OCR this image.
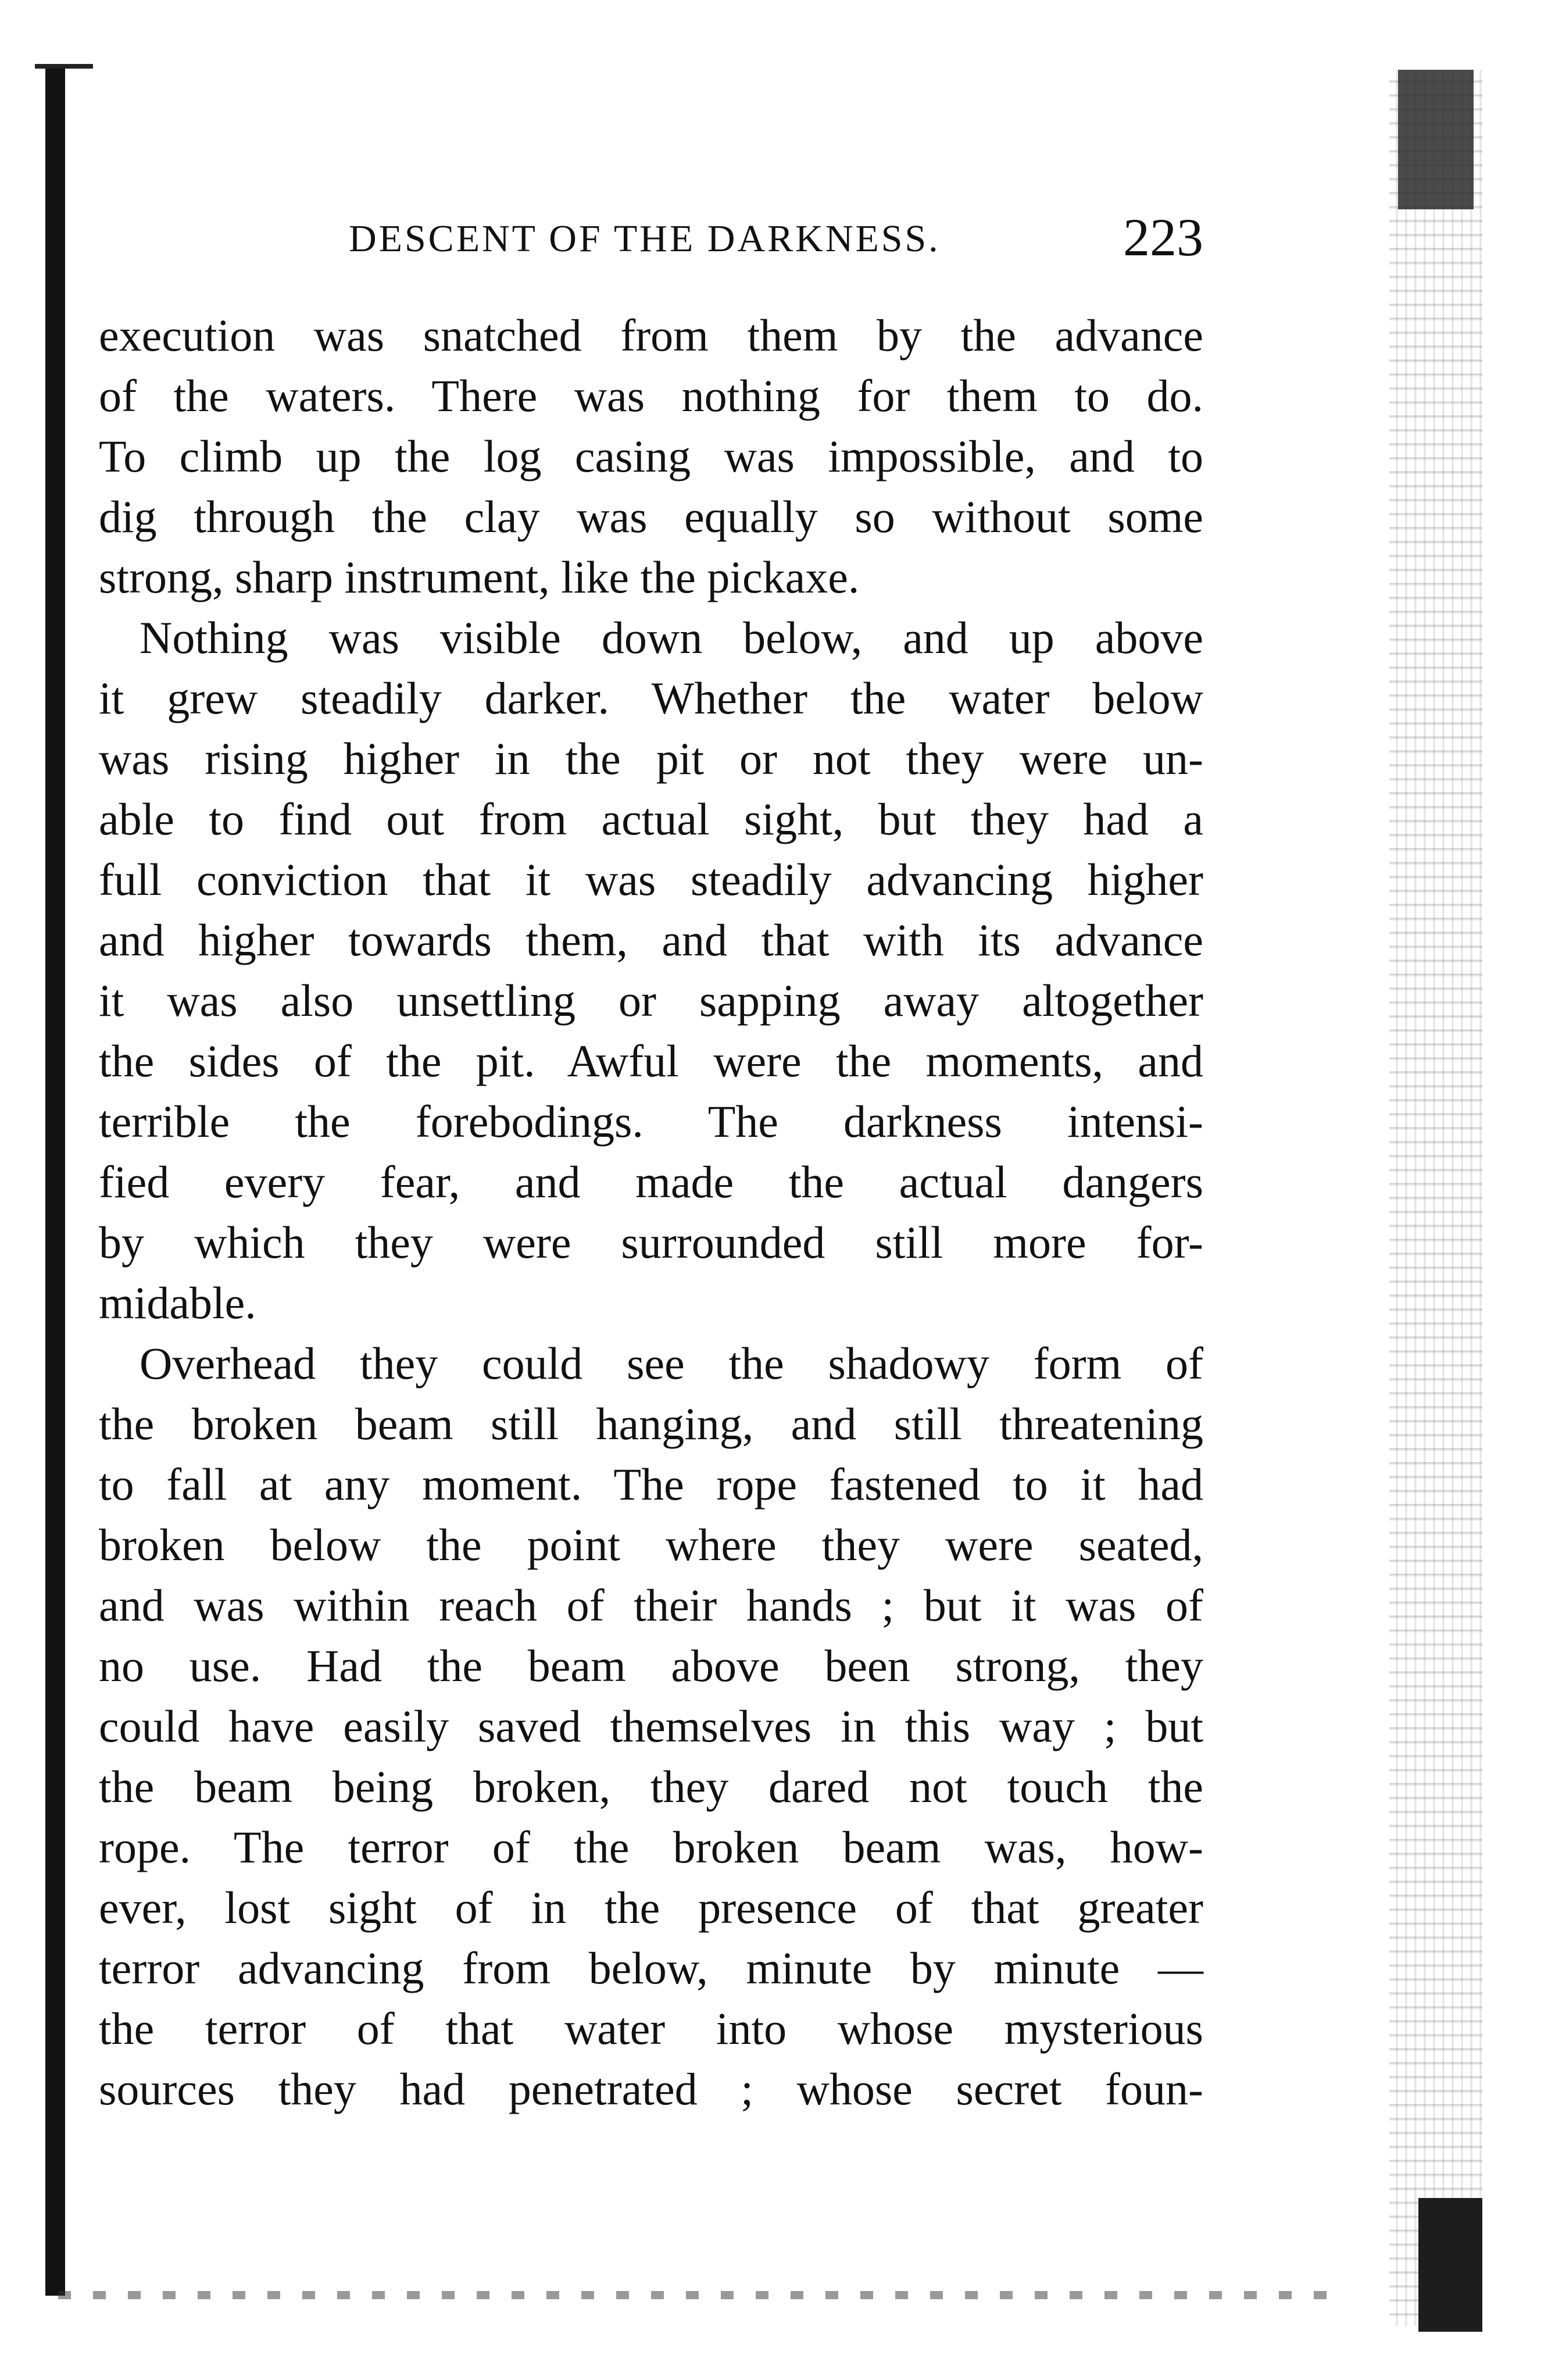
DESCENT OF THE DARKNESS.	223
execution was snatched from them by the advance
of the waters. There was nothing for them to do.
To climb up the log casing was impossible, and to
dig through the clay was equally so without some
strong, sharp instrument, like the pickaxe.
Nothing was visible down below, and up above
it grew steadily darker. Whether the water below
was rising higher in the pit or not they were un-
able to find out from actual sight, but they had a
full conviction that it was steadily advancing higher
and higher towards them, and that with its advance
it was also unsettling or sapping away altogether
the sides of the pit. Awful were the moments, and
terrible the forebodings. The darkness intensi-
fied every fear, and made the actual dangers
by which they were surrounded still more for-
midable.
Overhead they could see the shadowy form of
the broken beam still hanging, and still threatening
to fall at any moment. The rope fastened to it had
broken below the point where they were seated,
and was within reach of their hands ; but it was of
no use. Had the beam above been strong, they
could have easily saved themselves in this way ; but
the beam being broken, they dared not touch the
rope. The terror of the broken beam was, how-
ever, lost sight of in the presence of that greater
terror advancing from below, minute by minute —
the terror of that water into whose mysterious
sources they had penetrated ; whose secret foun-
